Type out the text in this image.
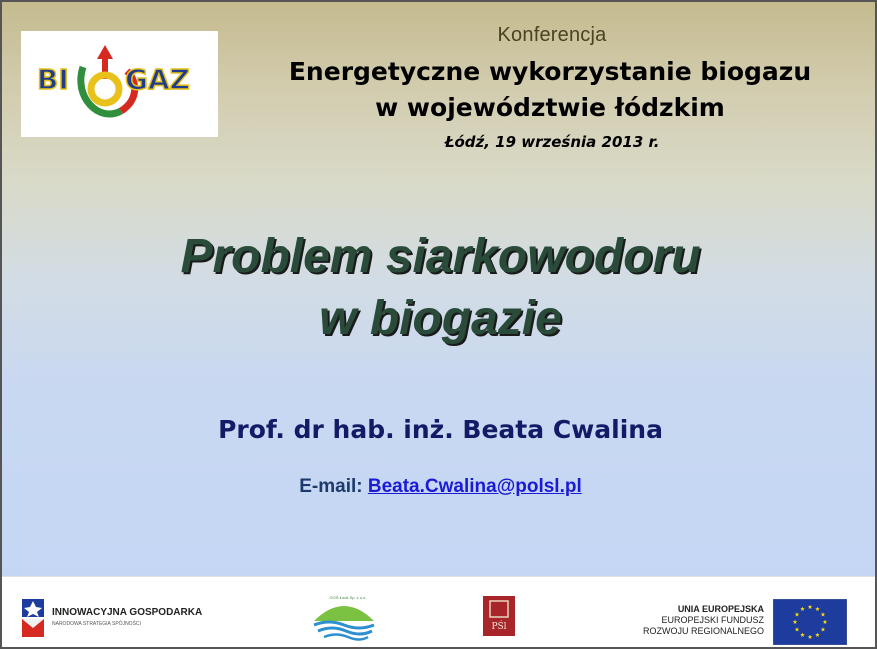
BI GAZ
Konferencja
Energetyczne wykorzystanie biogazu
w województwie łódzkim
Łódź, 19 września 2013 r.
Problem siarkowodoru
w biogazie
Prof. dr hab. inż. Beata Cwalina
E-mail: Beata.Cwalina@polsl.pl
INNOWACYJNA GOSPODARKA
NARODOWA STRATEGIA SPÓJNOŚCI
GOŚ-Łódź Sp. z o.o.
PŚl
UNIA EUROPEJSKA
EUROPEJSKI FUNDUSZ
ROZWOJU REGIONALNEGO
